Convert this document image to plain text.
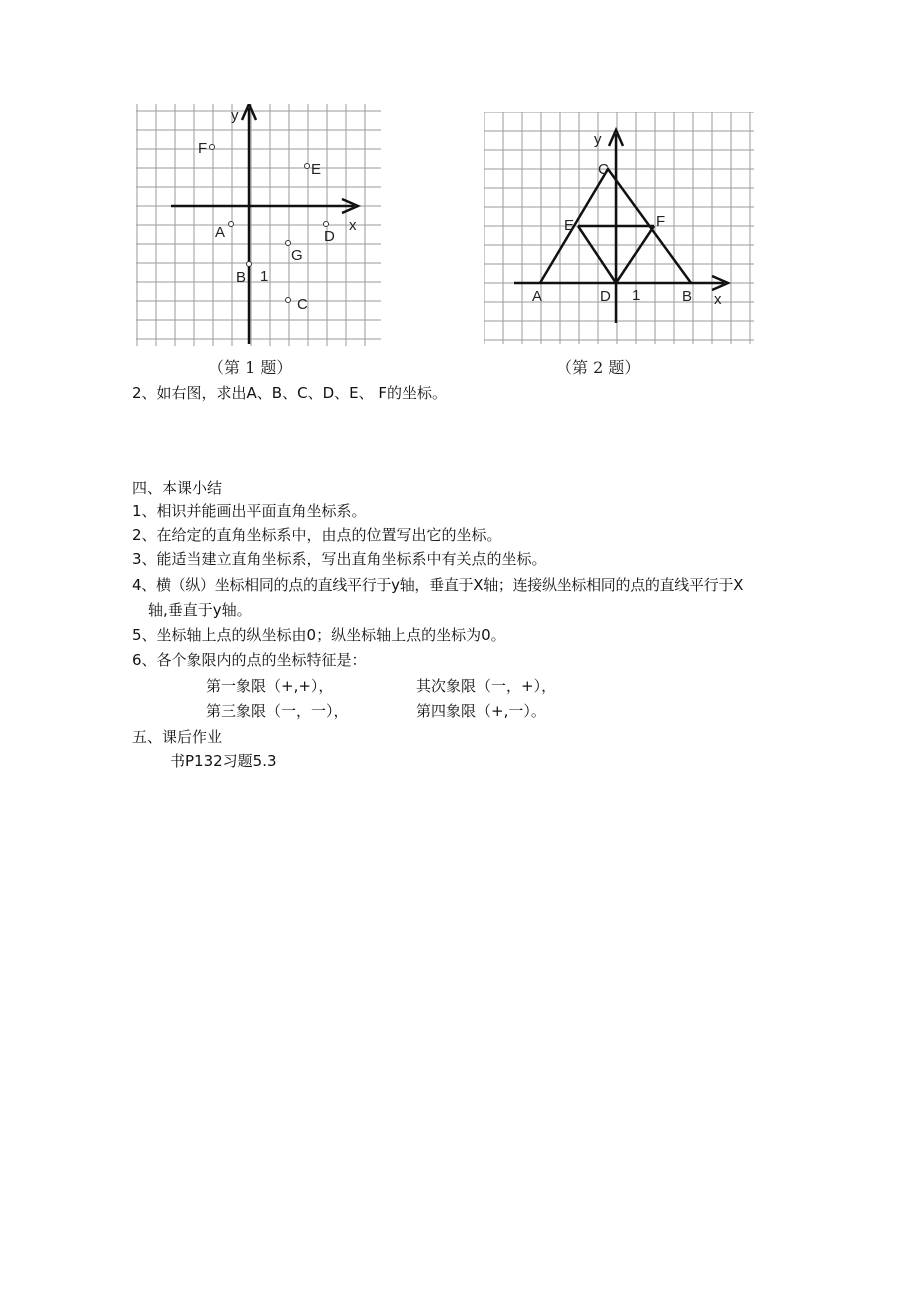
y
x
1
F
E
A	D
G
B
C
（第 1 题）
y
x
1
C
E	F
A	D	B
（第 2 题）
2、如右图，求出A、B、C、D、E、 F的坐标。
四、本课小结
1、相识并能画出平面直角坐标系。
2、在给定的直角坐标系中，由点的位置写出它的坐标。
3、能适当建立直角坐标系，写出直角坐标系中有关点的坐标。
4、横（纵）坐标相同的点的直线平行于y轴，垂直于X轴；连接纵坐标相同的点的直线平行于X
轴,垂直于y轴。
5、坐标轴上点的纵坐标由0；纵坐标轴上点的坐标为0。
6、各个象限内的点的坐标特征是：
第一象限（+,+），	其次象限（一，+），
第三象限（一，一），	第四象限（+,一）。
五、课后作业
书P132习题5.3
